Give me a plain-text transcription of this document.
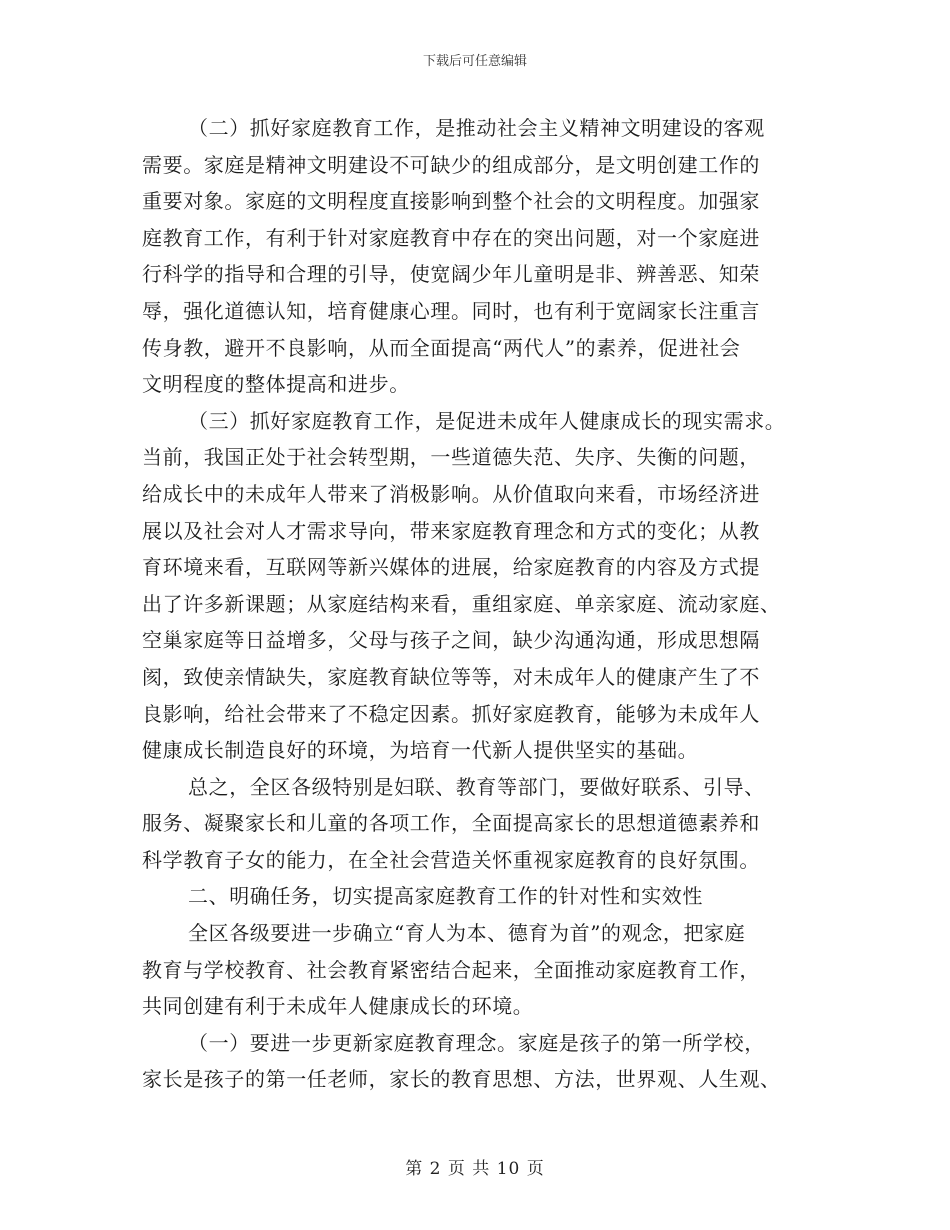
下载后可任意编辑
（二）抓好家庭教育工作，是推动社会主义精神文明建设的客观
需要。家庭是精神文明建设不可缺少的组成部分，是文明创建工作的
重要对象。家庭的文明程度直接影响到整个社会的文明程度。加强家
庭教育工作，有利于针对家庭教育中存在的突出问题，对一个家庭进
行科学的指导和合理的引导，使宽阔少年儿童明是非、辨善恶、知荣
辱，强化道德认知，培育健康心理。同时，也有利于宽阔家长注重言
传身教，避开不良影响，从而全面提高“两代人”的素养，促进社会
文明程度的整体提高和进步。
（三）抓好家庭教育工作，是促进未成年人健康成长的现实需求。
当前，我国正处于社会转型期，一些道德失范、失序、失衡的问题，
给成长中的未成年人带来了消极影响。从价值取向来看，市场经济进
展以及社会对人才需求导向，带来家庭教育理念和方式的变化；从教
育环境来看，互联网等新兴媒体的进展，给家庭教育的内容及方式提
出了许多新课题；从家庭结构来看，重组家庭、单亲家庭、流动家庭、
空巢家庭等日益增多，父母与孩子之间，缺少沟通沟通，形成思想隔
阂，致使亲情缺失，家庭教育缺位等等，对未成年人的健康产生了不
良影响，给社会带来了不稳定因素。抓好家庭教育，能够为未成年人
健康成长制造良好的环境，为培育一代新人提供坚实的基础。
总之，全区各级特别是妇联、教育等部门，要做好联系、引导、
服务、凝聚家长和儿童的各项工作，全面提高家长的思想道德素养和
科学教育子女的能力，在全社会营造关怀重视家庭教育的良好氛围。
二、明确任务，切实提高家庭教育工作的针对性和实效性
全区各级要进一步确立“育人为本、德育为首”的观念，把家庭
教育与学校教育、社会教育紧密结合起来，全面推动家庭教育工作，
共同创建有利于未成年人健康成长的环境。
（一）要进一步更新家庭教育理念。家庭是孩子的第一所学校，
家长是孩子的第一任老师，家长的教育思想、方法，世界观、人生观、
第 2 页 共 10 页
